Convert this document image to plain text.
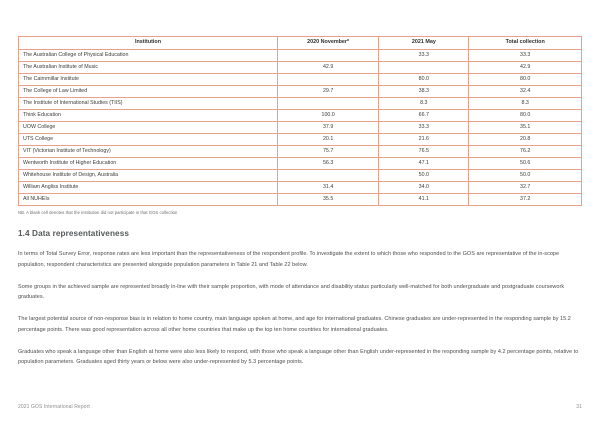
Institution	2020 November*	2021 May	Total collection
The Australian College of Physical Education		33.3	33.3
The Australian Institute of Music	42.9		42.9
The Cairnmillar Institute		80.0	80.0
The College of Law Limited	29.7	38.3	32.4
The Institute of International Studies (TIIS)		8.3	8.3
Think Education	100.0	66.7	80.0
UOW College	37.9	33.3	35.1
UTS College	20.1	21.6	20.8
VIT (Victorian Institute of Technology)	75.7	76.5	76.2
Wentworth Institute of Higher Education	56.3	47.1	50.6
Whitehouse Institute of Design, Australia		50.0	50.0
William Angliss Institute	31.4	34.0	32.7
All NUHEIs	35.5	41.1	37.2
NB. A blank cell denotes that the institution did not participate in that GOS collection
1.4 Data representativeness

In terms of Total Survey Error, response rates are less important than the representativeness of the respondent profile. To investigate the extent to which those who responded to the GOS are representative of the in-scope population, respondent characteristics are presented alongside population parameters in Table 21 and Table 22 below.

Some groups in the achieved sample are represented broadly in-line with their sample proportion, with mode of attendance and disability status particularly well-matched for both undergraduate and postgraduate coursework graduates.

The largest potential source of non-response bias is in relation to home country, main language spoken at home, and age for international graduates. Chinese graduates are under-represented in the responding sample by 15.2 percentage points. There was good representation across all other home countries that make up the top ten home countries for international graduates.

Graduates who speak a language other than English at home were also less likely to respond, with those who speak a language other than English under-represented in the responding sample by 4.2 percentage points, relative to population parameters. Graduates aged thirty years or below were also under-represented by 5.3 percentage points.

2021 GOS International Report	31
